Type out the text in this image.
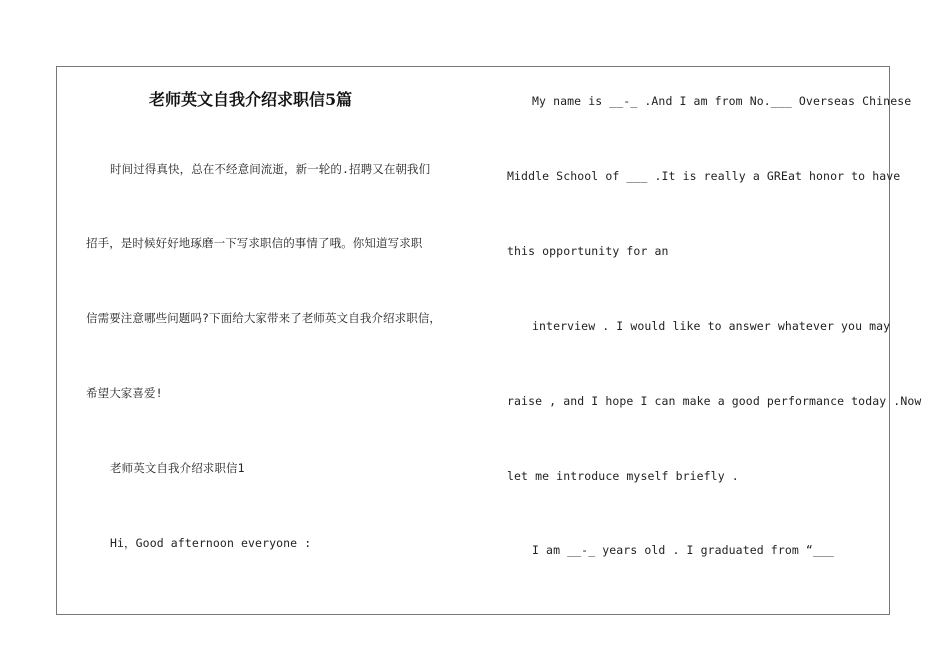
老师英文自我介绍求职信5篇
时间过得真快，总在不经意间流逝，新一轮的.招聘又在朝我们
招手，是时候好好地琢磨一下写求职信的事情了哦。你知道写求职
信需要注意哪些问题吗?下面给大家带来了老师英文自我介绍求职信，
希望大家喜爱!
老师英文自我介绍求职信1
Hi，Good afternoon everyone :
My name is __-_ .And I am from No.___ Overseas Chinese
Middle School of ___ .It is really a GREat honor to have
this opportunity for an
interview . I would like to answer whatever you may
raise , and I hope I can make a good performance today .Now
let me introduce myself briefly .
I am __-_ years old . I graduated from “___
